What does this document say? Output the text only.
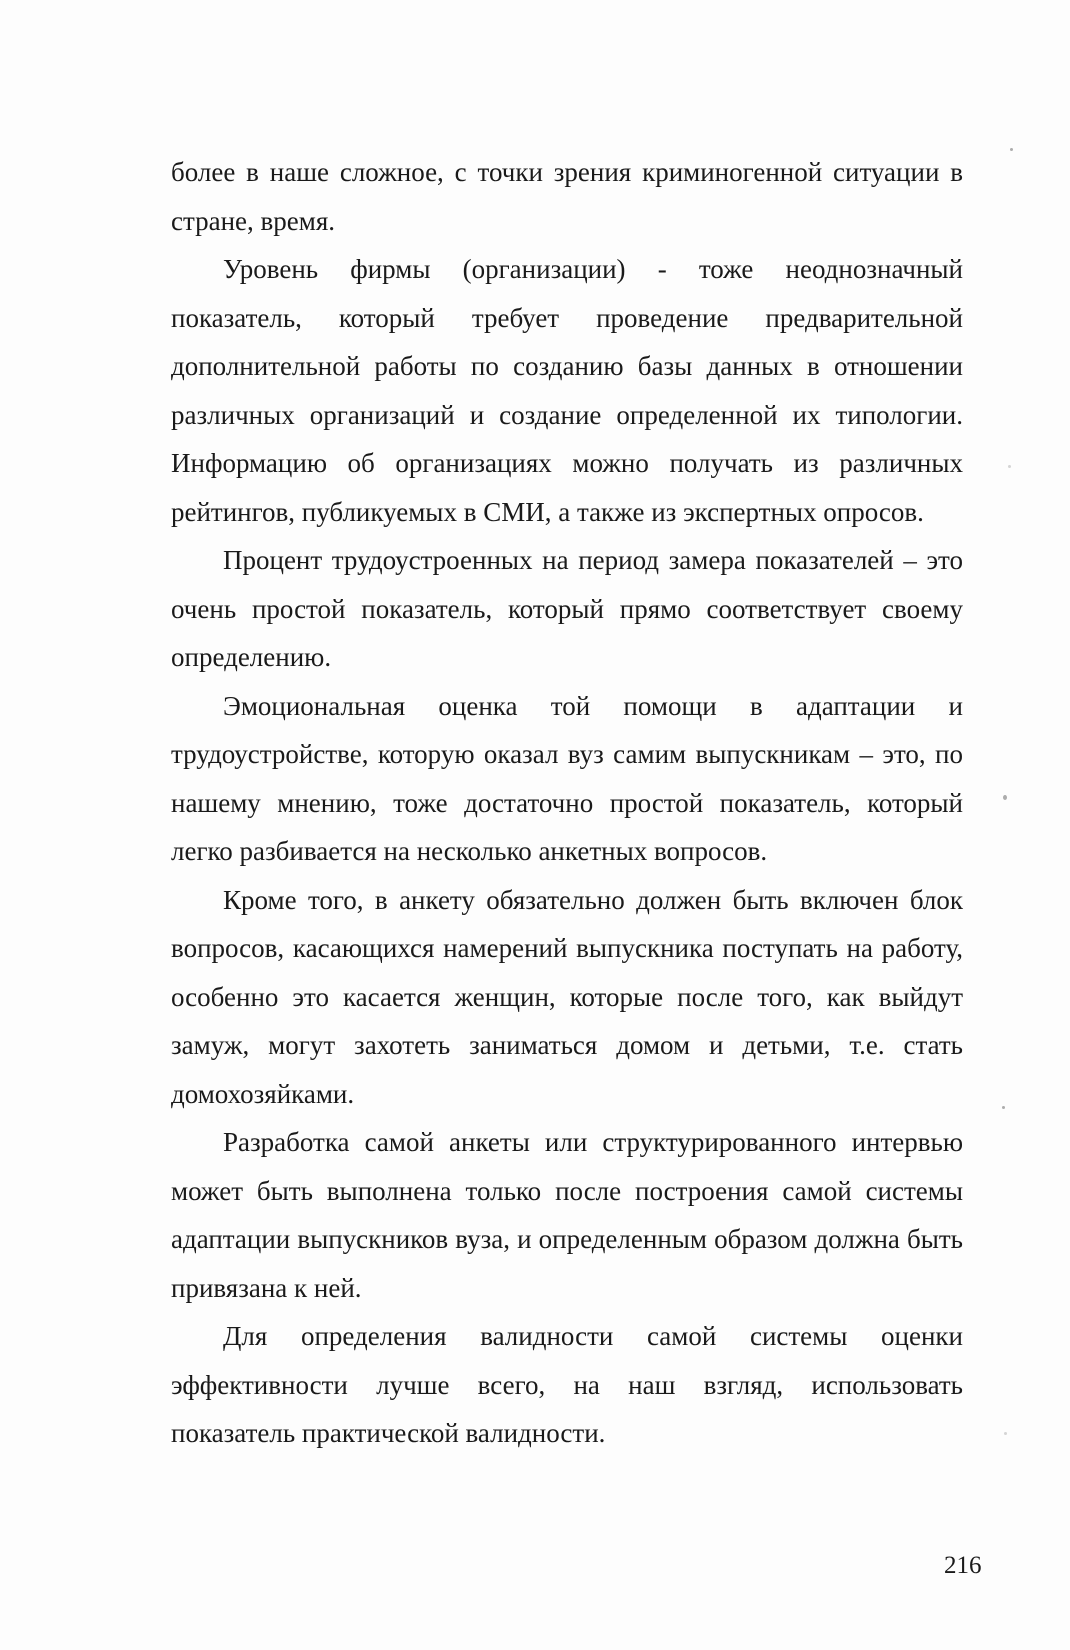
более в наше сложное, с точки зрения криминогенной ситуации в стране, время.

Уровень фирмы (организации) - тоже неоднозначный показатель, который требует проведение предварительной дополнительной работы по созданию базы данных в отношении различных организаций и создание определенной их типологии. Информацию об организациях можно получать из различных рейтингов, публикуемых в СМИ, а также из экспертных опросов.

Процент трудоустроенных на период замера показателей – это очень простой показатель, который прямо соответствует своему определению.

Эмоциональная оценка той помощи в адаптации и трудоустройстве, которую оказал вуз самим выпускникам – это, по нашему мнению, тоже достаточно простой показатель, который легко разбивается на несколько анкетных вопросов.

Кроме того, в анкету обязательно должен быть включен блок вопросов, касающихся намерений выпускника поступать на работу, особенно это касается женщин, которые после того, как выйдут замуж, могут захотеть заниматься домом и детьми, т.е. стать домохозяйками.

Разработка самой анкеты или структурированного интервью может быть выполнена только после построения самой системы адаптации выпускников вуза, и определенным образом должна быть привязана к ней.

Для определения валидности самой системы оценки эффективности лучше всего, на наш взгляд, использовать показатель практической валидности.

216
